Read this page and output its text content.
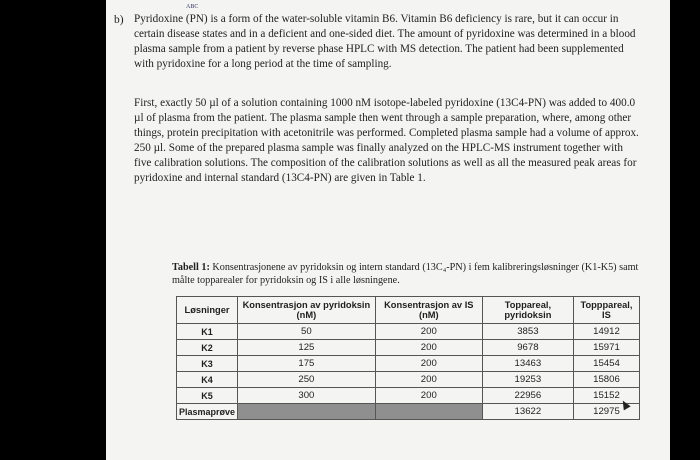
ABC
b) Pyridoxine (PN) is a form of the water-soluble vitamin B6. Vitamin B6 deficiency is rare, but it can occur in certain disease states and in a deficient and one-sided diet. The amount of pyridoxine was determined in a blood plasma sample from a patient by reverse phase HPLC with MS detection. The patient had been supplemented with pyridoxine for a long period at the time of sampling.

First, exactly 50 µl of a solution containing 1000 nM isotope-labeled pyridoxine (13C4-PN) was added to 400.0 µl of plasma from the patient. The plasma sample then went through a sample preparation, where, among other things, protein precipitation with acetonitrile was performed. Completed plasma sample had a volume of approx. 250 µl. Some of the prepared plasma sample was finally analyzed on the HPLC-MS instrument together with five calibration solutions. The composition of the calibration solutions as well as all the measured peak areas for pyridoxine and internal standard (13C4-PN) are given in Table 1.

Tabell 1: Konsentrasjonene av pyridoksin og intern standard (13C₄-PN) i fem kalibreringsløsninger (K1-K5) samt målte topparealer for pyridoksin og IS i alle løsningene.
Løsninger	Konsentrasjon av pyridoksin (nM)	Konsentrasjon av IS (nM)	Topparеal, pyridoksin	Topppareal, IS
K1	50	200	3853	14912
K2	125	200	9678	15971
K3	175	200	13463	15454
K4	250	200	19253	15806
K5	300	200	22956	15152
Plasmaprøve			13622	12975
